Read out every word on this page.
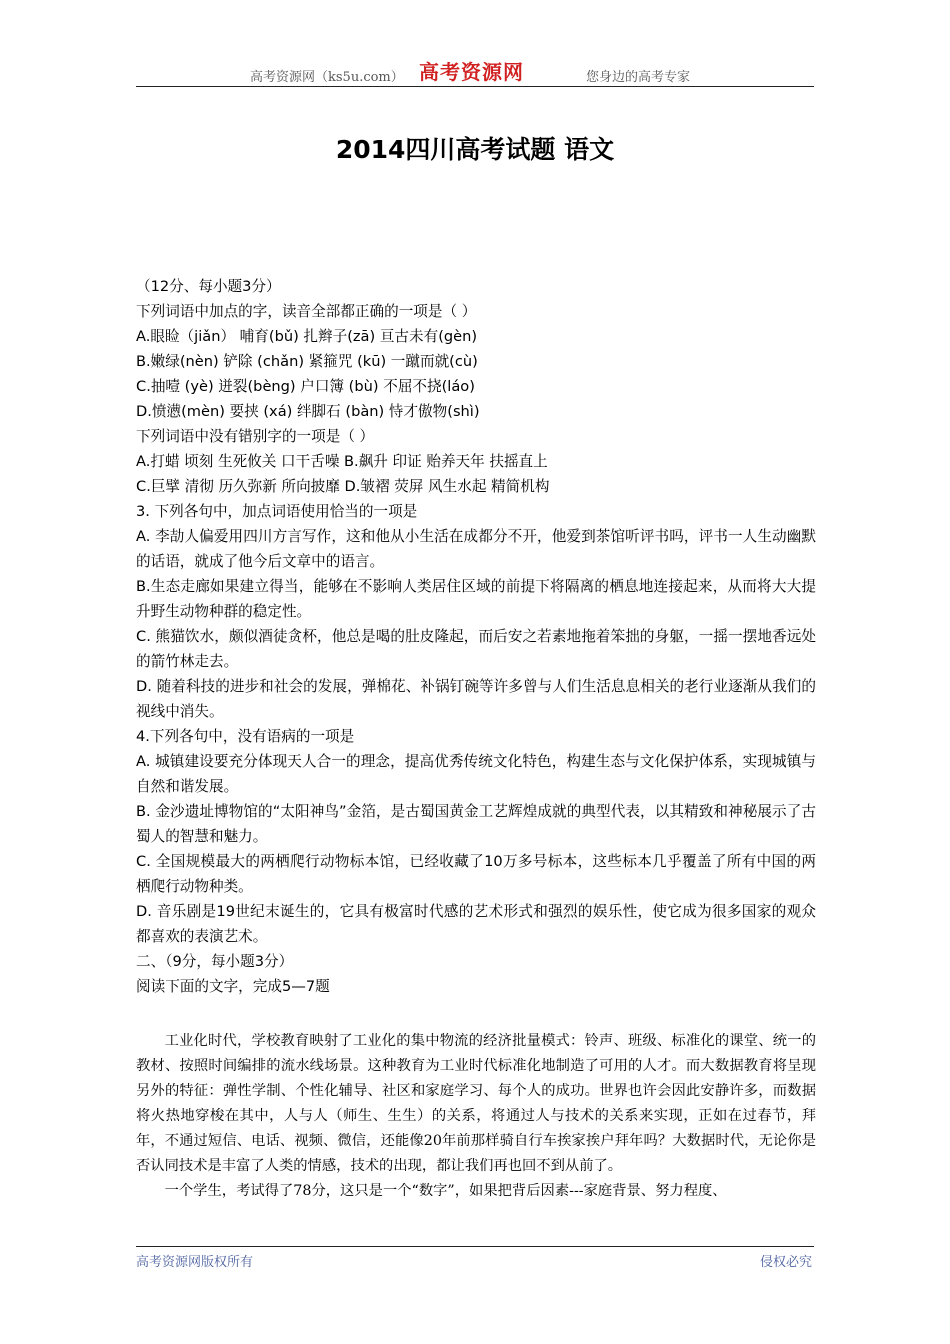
高考资源网（ks5u.com） 高考资源网	您身边的高考专家
2014四川高考试题 语文
（12分、每小题3分）
下列词语中加点的字，读音全部都正确的一项是（ ）
A.眼睑（jiǎn） 哺育(bǔ) 扎辫子(zā) 亘古未有(gèn)
B.嫩绿(nèn) 铲除 (chǎn) 紧箍咒 (kū) 一蹴而就(cù)
C.抽噎 (yè) 迸裂(bèng) 户口簿 (bù) 不屈不挠(láo)
D.愤懑(mèn) 要挟 (xá) 绊脚石 (bàn) 恃才傲物(shì)
下列词语中没有错别字的一项是（ ）
A.打蜡 顷刻 生死攸关 口干舌噪 B.飙升 印证 贻养天年 扶摇直上
C.巨擘 清彻 历久弥新 所向披靡 D.皱褶 荧屏 风生水起 精简机构
3. 下列各句中，加点词语使用恰当的一项是
A. 李劼人偏爱用四川方言写作，这和他从小生活在成都分不开，他爱到茶馆听评书吗，评书一人生动幽默的话语，就成了他今后文章中的语言。
B.生态走廊如果建立得当，能够在不影响人类居住区域的前提下将隔离的栖息地连接起来，从而将大大提升野生动物种群的稳定性。
C. 熊猫饮水，颇似酒徒贪杯，他总是喝的肚皮隆起，而后安之若素地拖着笨拙的身躯，一摇一摆地香远处的箭竹林走去。
D. 随着科技的进步和社会的发展，弹棉花、补锅钉碗等许多曾与人们生活息息相关的老行业逐渐从我们的视线中消失。
4.下列各句中，没有语病的一项是
A. 城镇建设要充分体现天人合一的理念，提高优秀传统文化特色，构建生态与文化保护体系，实现城镇与自然和谐发展。
B. 金沙遗址博物馆的“太阳神鸟”金箔，是古蜀国黄金工艺辉煌成就的典型代表，以其精致和神秘展示了古蜀人的智慧和魅力。
C. 全国规模最大的两栖爬行动物标本馆，已经收藏了10万多号标本，这些标本几乎覆盖了所有中国的两栖爬行动物种类。
D. 音乐剧是19世纪末诞生的，它具有极富时代感的艺术形式和强烈的娱乐性，使它成为很多国家的观众都喜欢的表演艺术。
二、（9分，每小题3分）
阅读下面的文字，完成5—7题
工业化时代，学校教育映射了工业化的集中物流的经济批量模式：铃声、班级、标准化的课堂、统一的教材、按照时间编排的流水线场景。这种教育为工业时代标准化地制造了可用的人才。而大数据教育将呈现另外的特征：弹性学制、个性化辅导、社区和家庭学习、每个人的成功。世界也许会因此安静许多，而数据将火热地穿梭在其中，人与人（师生、生生）的关系，将通过人与技术的关系来实现，正如在过春节，拜年，不通过短信、电话、视频、微信，还能像20年前那样骑自行车挨家挨户拜年吗？大数据时代，无论你是否认同技术是丰富了人类的情感，技术的出现，都让我们再也回不到从前了。
一个学生，考试得了78分，这只是一个“数字”，如果把背后因素---家庭背景、努力程度、
高考资源网版权所有	侵权必究
